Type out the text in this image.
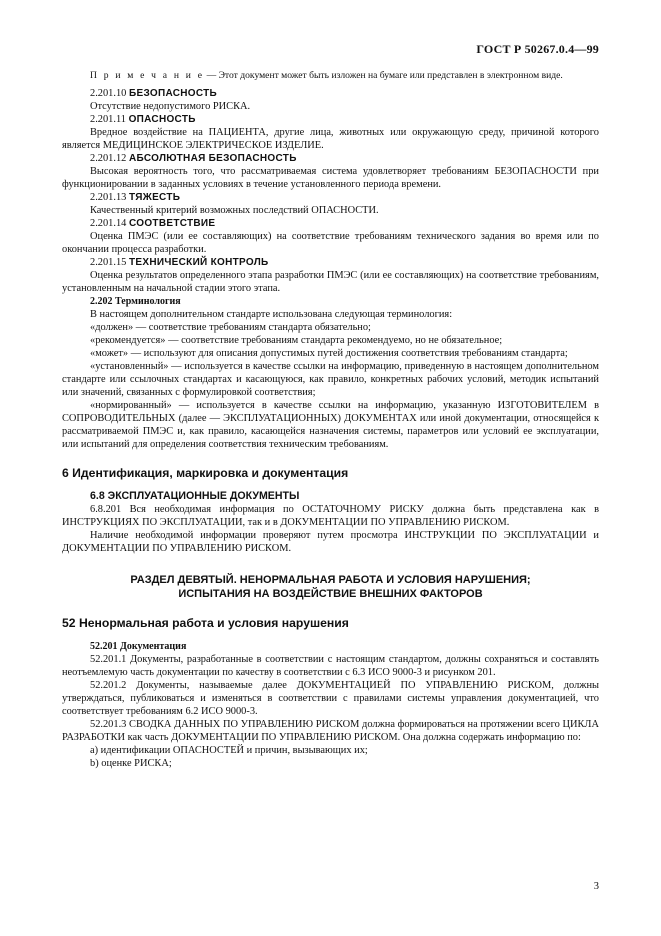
ГОСТ Р 50267.0.4—99

П р и м е ч а н и е — Этот документ может быть изложен на бумаге или представлен в электронном виде.

2.201.10 БЕЗОПАСНОСТЬ

Отсутствие недопустимого РИСКА.

2.201.11 ОПАСНОСТЬ

Вредное воздействие на ПАЦИЕНТА, другие лица, животных или окружающую среду, причиной которого является МЕДИЦИНСКОЕ ЭЛЕКТРИЧЕСКОЕ ИЗДЕЛИЕ.

2.201.12 АБСОЛЮТНАЯ БЕЗОПАСНОСТЬ

Высокая вероятность того, что рассматриваемая система удовлетворяет требованиям БЕЗОПАСНОСТИ при функционировании в заданных условиях в течение установленного периода времени.

2.201.13 ТЯЖЕСТЬ

Качественный критерий возможных последствий ОПАСНОСТИ.

2.201.14 СООТВЕТСТВИЕ

Оценка ПМЭС (или ее составляющих) на соответствие требованиям технического задания во время или по окончании процесса разработки.

2.201.15 ТЕХНИЧЕСКИЙ КОНТРОЛЬ

Оценка результатов определенного этапа разработки ПМЭС (или ее составляющих) на соответствие требованиям, установленным на начальной стадии этого этапа.

2.202 Терминология

В настоящем дополнительном стандарте использована следующая терминология:

«должен» — соответствие требованиям стандарта обязательно;

«рекомендуется» — соответствие требованиям стандарта рекомендуемо, но не обязательное;

«может» — используют для описания допустимых путей достижения соответствия требованиям стандарта;

«установленный» — используется в качестве ссылки на информацию, приведенную в настоящем дополнительном стандарте или ссылочных стандартах и касающуюся, как правило, конкретных рабочих условий, методик испытаний или значений, связанных с формулировкой соответствия;

«нормированный» — используется в качестве ссылки на информацию, указанную ИЗГОТОВИТЕЛЕМ в СОПРОВОДИТЕЛЬНЫХ (далее — ЭКСПЛУАТАЦИОННЫХ) ДОКУМЕНТАХ или иной документации, относящейся к рассматриваемой ПМЭС и, как правило, касающейся назначения системы, параметров или условий ее эксплуатации, или испытаний для определения соответствия техническим требованиям.

6 Идентификация, маркировка и документация

6.8 ЭКСПЛУАТАЦИОННЫЕ ДОКУМЕНТЫ

6.8.201 Вся необходимая информация по ОСТАТОЧНОМУ РИСКУ должна быть представлена как в ИНСТРУКЦИЯХ ПО ЭКСПЛУАТАЦИИ, так и в ДОКУМЕНТАЦИИ ПО УПРАВЛЕНИЮ РИСКОМ.

Наличие необходимой информации проверяют путем просмотра ИНСТРУКЦИИ ПО ЭКСПЛУАТАЦИИ и ДОКУМЕНТАЦИИ ПО УПРАВЛЕНИЮ РИСКОМ.

РАЗДЕЛ ДЕВЯТЫЙ. НЕНОРМАЛЬНАЯ РАБОТА И УСЛОВИЯ НАРУШЕНИЯ;
ИСПЫТАНИЯ НА ВОЗДЕЙСТВИЕ ВНЕШНИХ ФАКТОРОВ

52 Ненормальная работа и условия нарушения

52.201 Документация

52.201.1 Документы, разработанные в соответствии с настоящим стандартом, должны сохраняться и составлять неотъемлемую часть документации по качеству в соответствии с 6.3 ИСО 9000-3 и рисунком 201.

52.201.2 Документы, называемые далее ДОКУМЕНТАЦИЕЙ ПО УПРАВЛЕНИЮ РИСКОМ, должны утверждаться, публиковаться и изменяться в соответствии с правилами системы управления документацией, что соответствует требованиям 6.2 ИСО 9000-3.

52.201.3 СВОДКА ДАННЫХ ПО УПРАВЛЕНИЮ РИСКОМ должна формироваться на протяжении всего ЦИКЛА РАЗРАБОТКИ как часть ДОКУМЕНТАЦИИ ПО УПРАВЛЕНИЮ РИСКОМ. Она должна содержать информацию по:

a) идентификации ОПАСНОСТЕЙ и причин, вызывающих их;

b) оценке РИСКА;

3
